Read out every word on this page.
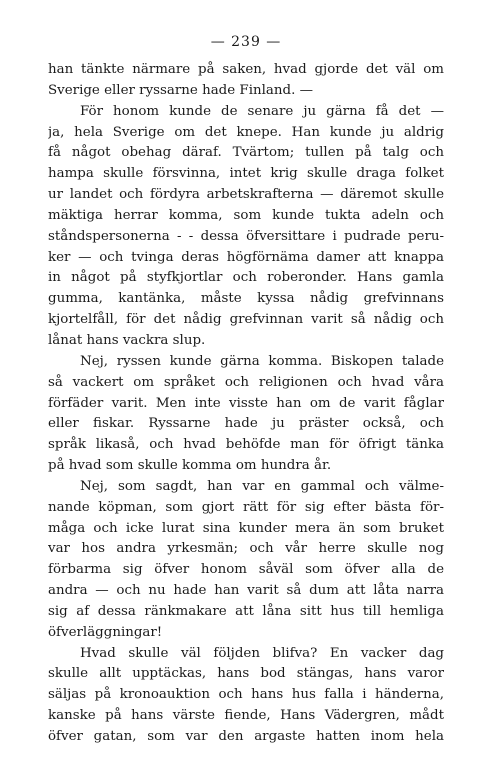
— 239 —
han tänkte närmare på saken, hvad gjorde det väl om
Sverige eller ryssarne hade Finland. —
För honom kunde de senare ju gärna få det —
ja, hela Sverige om det knepe. Han kunde ju aldrig
få något obehag däraf. Tvärtom; tullen på talg och
hampa skulle försvinna, intet krig skulle draga folket
ur landet och fördyra arbetskrafterna — däremot skulle
mäktiga herrar komma, som kunde tukta adeln och
ståndspersonerna - - dessa öfversittare i pudrade peru-
ker — och tvinga deras högförnäma damer att knappa
in något på styfkjortlar och roberonder. Hans gamla
gumma, kantänka, måste kyssa nådig grefvinnans
kjortelfåll, för det nådig grefvinnan varit så nådig och
lånat hans vackra slup.
Nej, ryssen kunde gärna komma. Biskopen talade
så vackert om språket och religionen och hvad våra
förfäder varit. Men inte visste han om de varit fåglar
eller fiskar. Ryssarne hade ju präster också, och
språk likaså, och hvad behöfde man för öfrigt tänka
på hvad som skulle komma om hundra år.
Nej, som sagdt, han var en gammal och välme-
nande köpman, som gjort rätt för sig efter bästa för-
måga och icke lurat sina kunder mera än som bruket
var hos andra yrkesmän; och vår herre skulle nog
förbarma sig öfver honom såväl som öfver alla de
andra — och nu hade han varit så dum att låta narra
sig af dessa ränkmakare att låna sitt hus till hemliga
öfverläggningar!
Hvad skulle väl följden blifva? En vacker dag
skulle allt upptäckas, hans bod stängas, hans varor
säljas på kronoauktion och hans hus falla i händerna,
kanske på hans värste fiende, Hans Vädergren, mådt
öfver gatan, som var den argaste hatten inom hela
